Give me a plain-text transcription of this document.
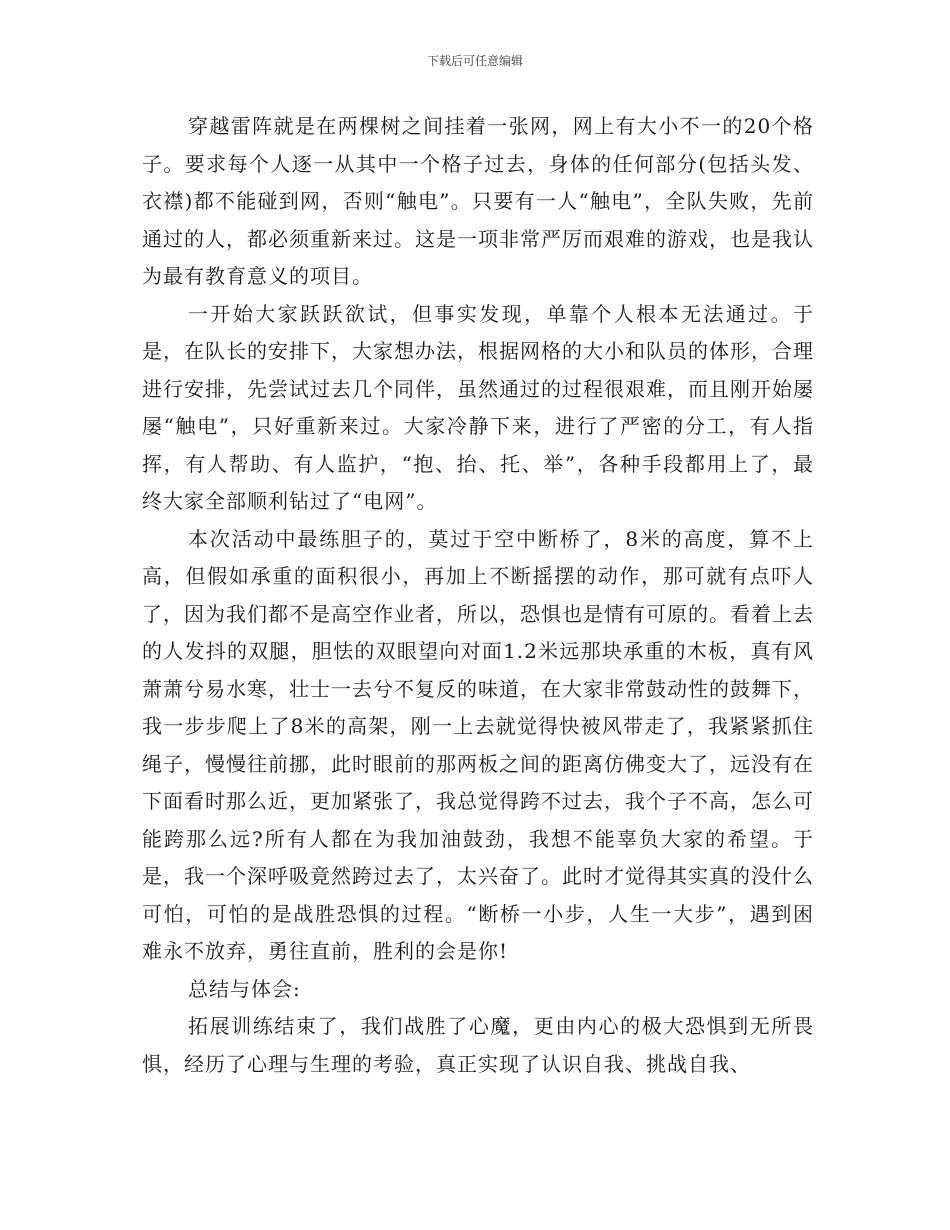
下载后可任意编辑

穿越雷阵就是在两棵树之间挂着一张网，网上有大小不一的20个格子。要求每个人逐一从其中一个格子过去，身体的任何部分(包括头发、衣襟)都不能碰到网，否则“触电”。只要有一人“触电”，全队失败，先前通过的人，都必须重新来过。这是一项非常严厉而艰难的游戏，也是我认为最有教育意义的项目。

一开始大家跃跃欲试，但事实发现，单靠个人根本无法通过。于是，在队长的安排下，大家想办法，根据网格的大小和队员的体形，合理进行安排，先尝试过去几个同伴，虽然通过的过程很艰难，而且刚开始屡屡“触电”，只好重新来过。大家冷静下来，进行了严密的分工，有人指挥，有人帮助、有人监护，“抱、抬、托、举”，各种手段都用上了，最终大家全部顺利钻过了“电网”。

本次活动中最练胆子的，莫过于空中断桥了，8米的高度，算不上高，但假如承重的面积很小，再加上不断摇摆的动作，那可就有点吓人了，因为我们都不是高空作业者，所以，恐惧也是情有可原的。看着上去的人发抖的双腿，胆怯的双眼望向对面1.2米远那块承重的木板，真有风萧萧兮易水寒，壮士一去兮不复反的味道，在大家非常鼓动性的鼓舞下，我一步步爬上了8米的高架，刚一上去就觉得快被风带走了，我紧紧抓住绳子，慢慢往前挪，此时眼前的那两板之间的距离仿佛变大了，远没有在下面看时那么近，更加紧张了，我总觉得跨不过去，我个子不高，怎么可能跨那么远?所有人都在为我加油鼓劲，我想不能辜负大家的希望。于是，我一个深呼吸竟然跨过去了，太兴奋了。此时才觉得其实真的没什么可怕，可怕的是战胜恐惧的过程。“断桥一小步，人生一大步”，遇到困难永不放弃，勇往直前，胜利的会是你!

总结与体会:

拓展训练结束了，我们战胜了心魔，更由内心的极大恐惧到无所畏惧，经历了心理与生理的考验，真正实现了认识自我、挑战自我、
